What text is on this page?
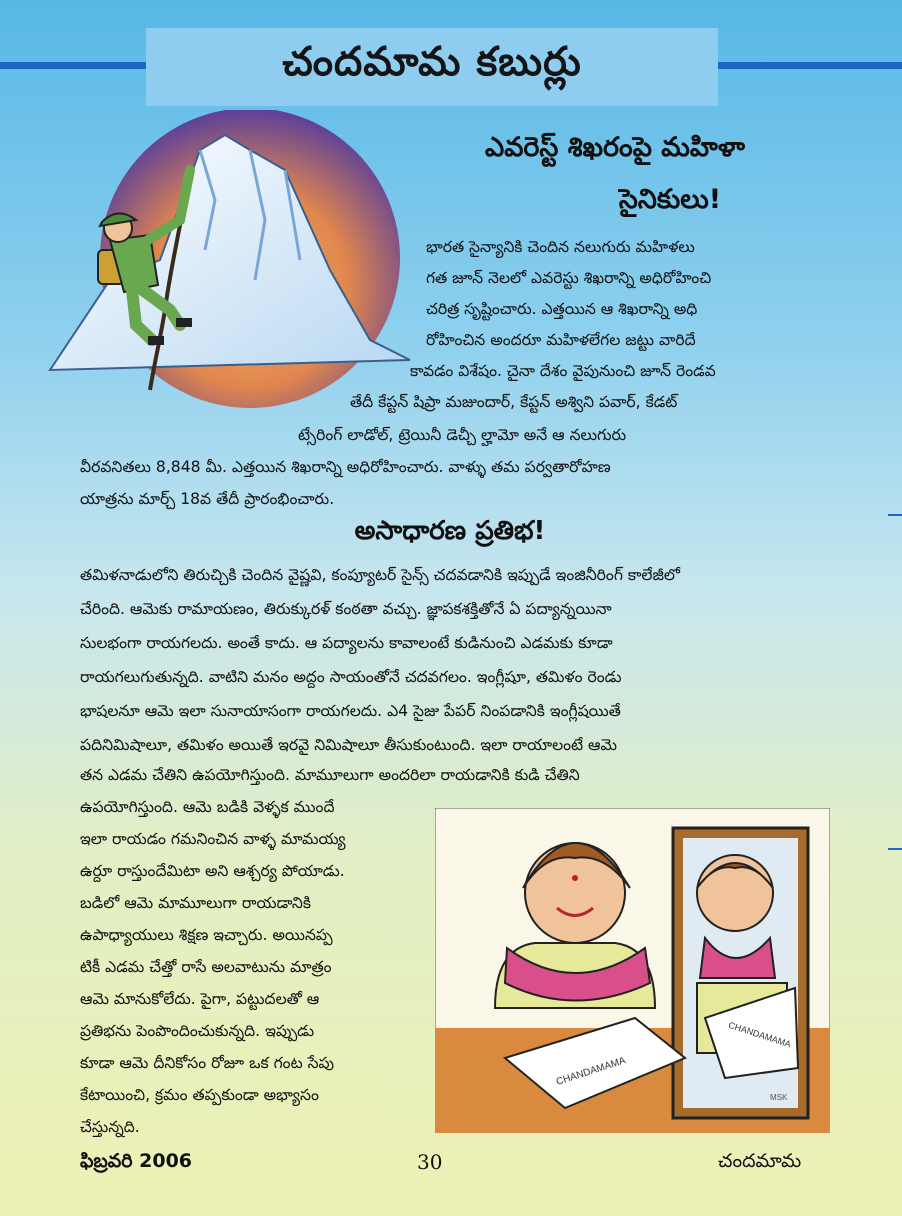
చందమామ కబుర్లు
ఎవరెస్ట్ శిఖరంపై మహిళా
సైనికులు!
భారత సైన్యానికి చెందిన నలుగురు మహిళలు
గత జూన్ నెలలో ఎవరెస్టు శిఖరాన్ని అధిరోహించి
చరిత్ర సృష్టించారు. ఎత్తయిన ఆ శిఖరాన్ని అధి
రోహించిన అందరూ మహిళలేగల జట్టు వారిదే
కావడం విశేషం. చైనా దేశం వైపునుంచి జూన్ రెండవ
తేదీ కేప్టన్ షిప్రా మజుందార్, కేప్టన్ అశ్విని పవార్, కేడట్
ట్సేరింగ్ లాడోల్, ట్రెయినీ డెచ్చీ ల్హామో అనే ఆ నలుగురు
వీరవనితలు 8,848 మీ. ఎత్తయిన శిఖరాన్ని అధిరోహించారు. వాళ్ళు తమ పర్వతారోహణ
యాత్రను మార్చ్ 18వ తేదీ ప్రారంభించారు.
అసాధారణ ప్రతిభ!
తమిళనాడులోని తిరుచ్చికి చెందిన వైష్ణవి, కంప్యూటర్ సైన్స్ చదవడానికి ఇప్పుడే ఇంజినీరింగ్ కాలేజీలో
చేరింది. ఆమెకు రామాయణం, తిరుక్కురళ్ కంఠతా వచ్చు. జ్ఞాపకశక్తితోనే ఏ పద్యాన్నయినా
సులభంగా రాయగలదు. అంతే కాదు. ఆ పద్యాలను కావాలంటే కుడినుంచి ఎడమకు కూడా
రాయగలుగుతున్నది. వాటిని మనం అద్దం సాయంతోనే చదవగలం. ఇంగ్లీషూ, తమిళం రెండు
భాషలనూ ఆమె ఇలా సునాయాసంగా రాయగలదు. ఎ4 సైజు పేపర్ నింపడానికి ఇంగ్లీషయితే
పదినిమిషాలూ, తమిళం అయితే ఇరవై నిమిషాలూ తీసుకుంటుంది. ఇలా రాయాలంటే ఆమె
తన ఎడమ చేతిని ఉపయోగిస్తుంది. మామూలుగా అందరిలా రాయడానికి కుడి చేతిని
ఉపయోగిస్తుంది. ఆమె బడికి వెళ్ళక ముందే
ఇలా రాయడం గమనించిన వాళ్ళ మామయ్య
ఉర్దూ రాస్తుందేమిటా అని ఆశ్చర్య పోయాడు.
బడిలో ఆమె మామూలుగా రాయడానికి
ఉపాధ్యాయులు శిక్షణ ఇచ్చారు. అయినప్ప
టికీ ఎడమ చేత్తో రాసే అలవాటును మాత్రం
ఆమె మానుకోలేదు. పైగా, పట్టుదలతో ఆ
ప్రతిభను పెంపొందించుకున్నది. ఇప్పుడు
కూడా ఆమె దీనికోసం రోజూ ఒక గంట సేపు
కేటాయించి, క్రమం తప్పకుండా అభ్యాసం
చేస్తున్నది.
CHANDAMAMA
CHANDAMAMA
MSK
ఫిబ్రవరి 2006	30	చందమామ
